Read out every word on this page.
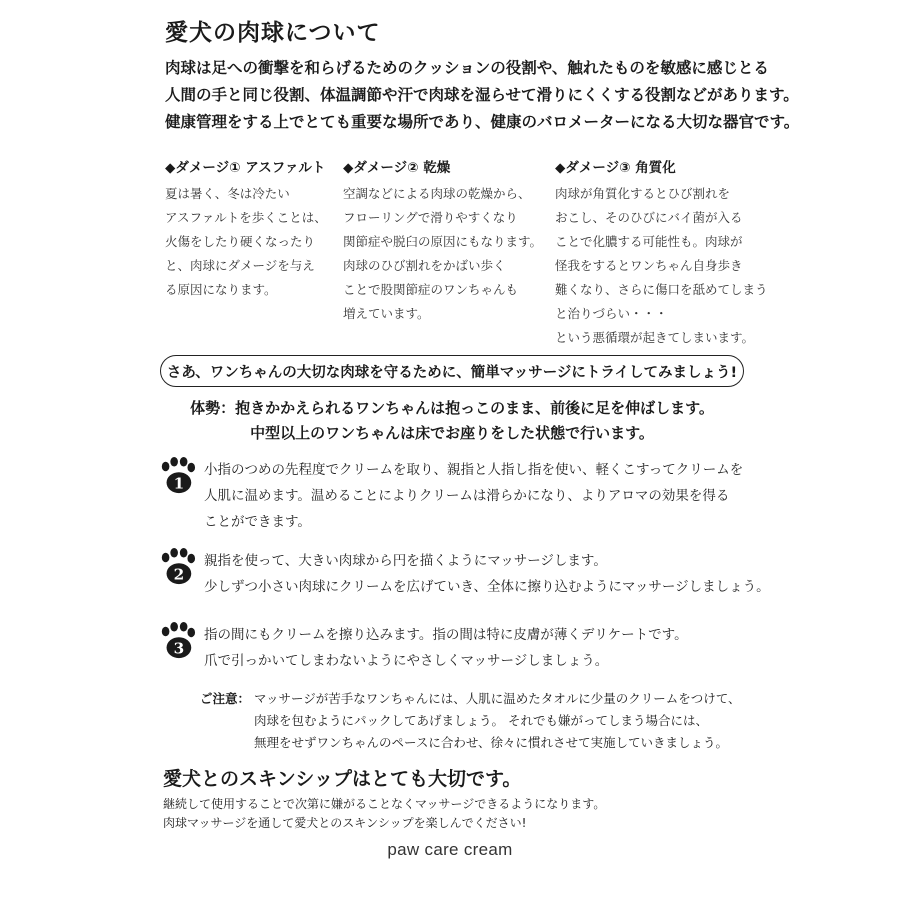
愛犬の肉球について
肉球は足への衝撃を和らげるためのクッションの役割や、触れたものを敏感に感じとる
人間の手と同じ役割、体温調節や汗で肉球を湿らせて滑りにくくする役割などがあります。
健康管理をする上でとても重要な場所であり、健康のバロメーターになる大切な器官です。
◆ダメージ① アスファルト
夏は暑く、冬は冷たい
アスファルトを歩くことは、
火傷をしたり硬くなったり
と、肉球にダメージを与え
る原因になります。
◆ダメージ② 乾燥
空調などによる肉球の乾燥から、
フローリングで滑りやすくなり
関節症や脱臼の原因にもなります。
肉球のひび割れをかばい歩く
ことで股関節症のワンちゃんも
増えています。
◆ダメージ③ 角質化
肉球が角質化するとひび割れを
おこし、そのひびにバイ菌が入る
ことで化膿する可能性も。肉球が
怪我をするとワンちゃん自身歩き
難くなり、さらに傷口を舐めてしまう
と治りづらい・・・
という悪循環が起きてしまいます。
さあ、ワンちゃんの大切な肉球を守るために、簡単マッサージにトライしてみましょう!
体勢：抱きかかえられるワンちゃんは抱っこのまま、前後に足を伸ばします。
中型以上のワンちゃんは床でお座りをした状態で行います。
1
小指のつめの先程度でクリームを取り、親指と人指し指を使い、軽くこすってクリームを
人肌に温めます。温めることによりクリームは滑らかになり、よりアロマの効果を得る
ことができます。
2
親指を使って、大きい肉球から円を描くようにマッサージします。
少しずつ小さい肉球にクリームを広げていき、全体に擦り込むようにマッサージしましょう。
3
指の間にもクリームを擦り込みます。指の間は特に皮膚が薄くデリケートです。
爪で引っかいてしまわないようにやさしくマッサージしましょう。
ご注意： マッサージが苦手なワンちゃんには、人肌に温めたタオルに少量のクリームをつけて、
肉球を包むようにパックしてあげましょう。 それでも嫌がってしまう場合には、
無理をせずワンちゃんのペースに合わせ、徐々に慣れさせて実施していきましょう。
愛犬とのスキンシップはとても大切です。
継続して使用することで次第に嫌がることなくマッサージできるようになります。
肉球マッサージを通して愛犬とのスキンシップを楽しんでください!
paw care cream
